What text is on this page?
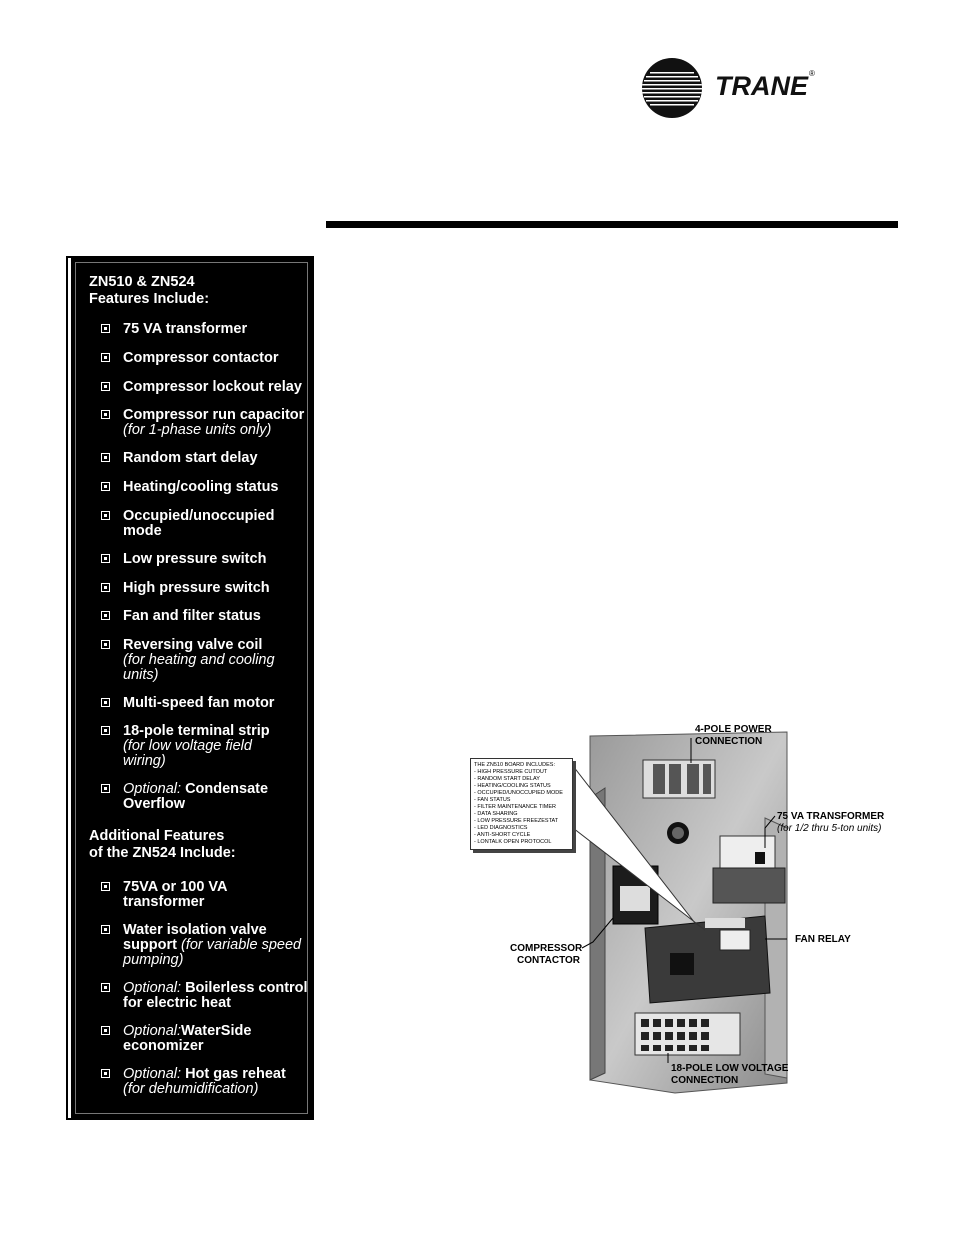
TRANE ®
ZN510 & ZN524
Features Include:
75 VA transformer
Compressor contactor
Compressor lockout relay
Compressor run capacitor
(for 1-phase units only)
Random start delay
Heating/cooling status
Occupied/unoccupied mode
Low pressure switch
High pressure switch
Fan and filter status
Reversing valve coil
(for heating and cooling units)
Multi-speed fan motor
18-pole terminal strip
(for low voltage field wiring)
Optional: Condensate Overflow
Additional Features
of the ZN524 Include:
75VA or 100 VA transformer
Water isolation valve support (for variable speed pumping)
Optional: Boilerless control for electric heat
Optional:WaterSide economizer
Optional: Hot gas reheat
(for dehumidification)
THE ZN510 BOARD INCLUDES:
- HIGH PRESSURE CUTOUT
- RANDOM START DELAY
- HEATING/COOLING STATUS
- OCCUPIED/UNOCCUPIED MODE
- FAN STATUS
- FILTER MAINTENANCE TIMER
- DATA SHARING
- LOW PRESSURE FREEZESTAT
- LED DIAGNOSTICS
- ANTI-SHORT CYCLE
- LONTALK OPEN PROTOCOL
4-POLE POWER
CONNECTION
75 VA TRANSFORMER
(for 1/2 thru 5-ton units)
COMPRESSOR
CONTACTOR
FAN RELAY
18-POLE LOW VOLTAGE
CONNECTION
